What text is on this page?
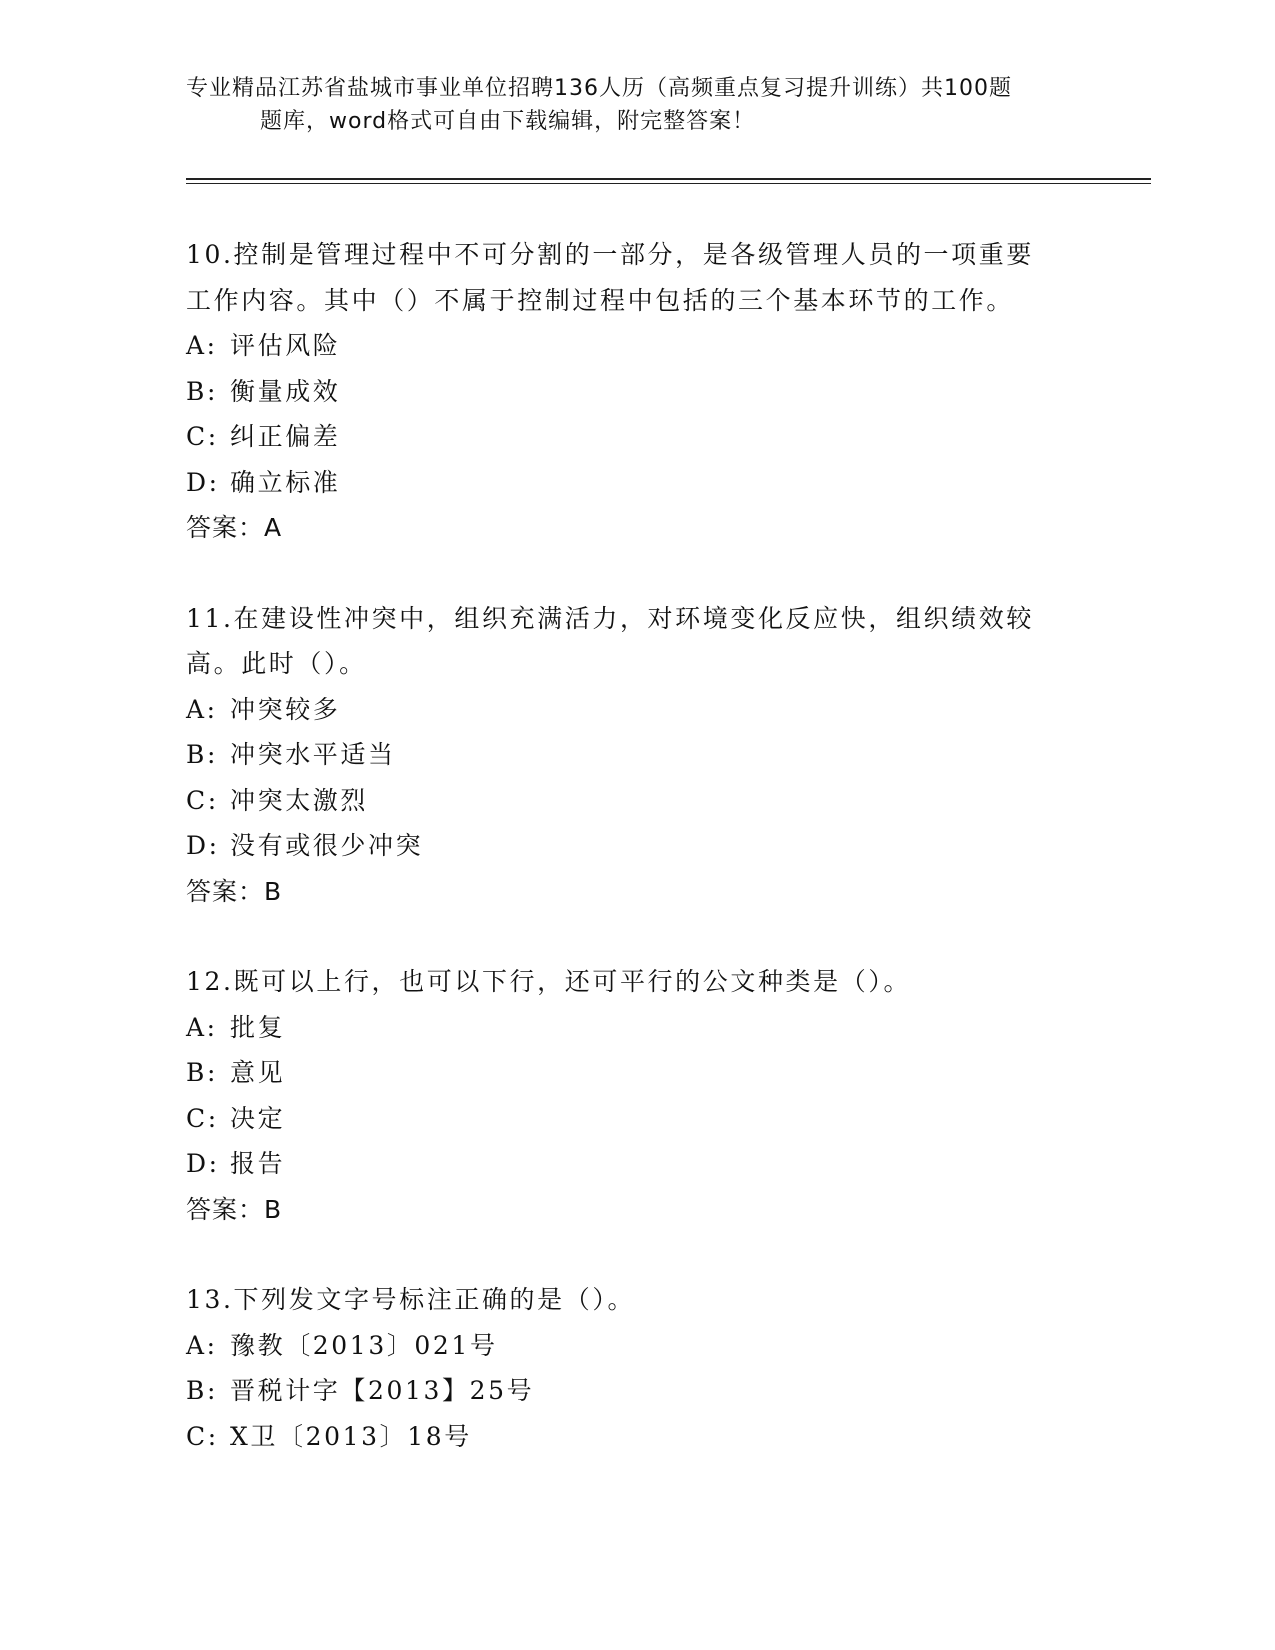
专业精品江苏省盐城市事业单位招聘136人历（高频重点复习提升训练）共100题
题库，word格式可自由下载编辑，附完整答案！
10.控制是管理过程中不可分割的一部分，是各级管理人员的一项重要
工作内容。其中（）不属于控制过程中包括的三个基本环节的工作。
A: 评估风险
B: 衡量成效
C: 纠正偏差
D: 确立标准
答案：A
11.在建设性冲突中，组织充满活力，对环境变化反应快，组织绩效较
高。此时（）。
A: 冲突较多
B: 冲突水平适当
C: 冲突太激烈
D: 没有或很少冲突
答案：B
12.既可以上行，也可以下行，还可平行的公文种类是（）。
A: 批复
B: 意见
C: 决定
D: 报告
答案：B
13.下列发文字号标注正确的是（）。
A: 豫教〔2013〕021号
B: 晋税计字【2013】25号
C: X卫〔2013〕18号
